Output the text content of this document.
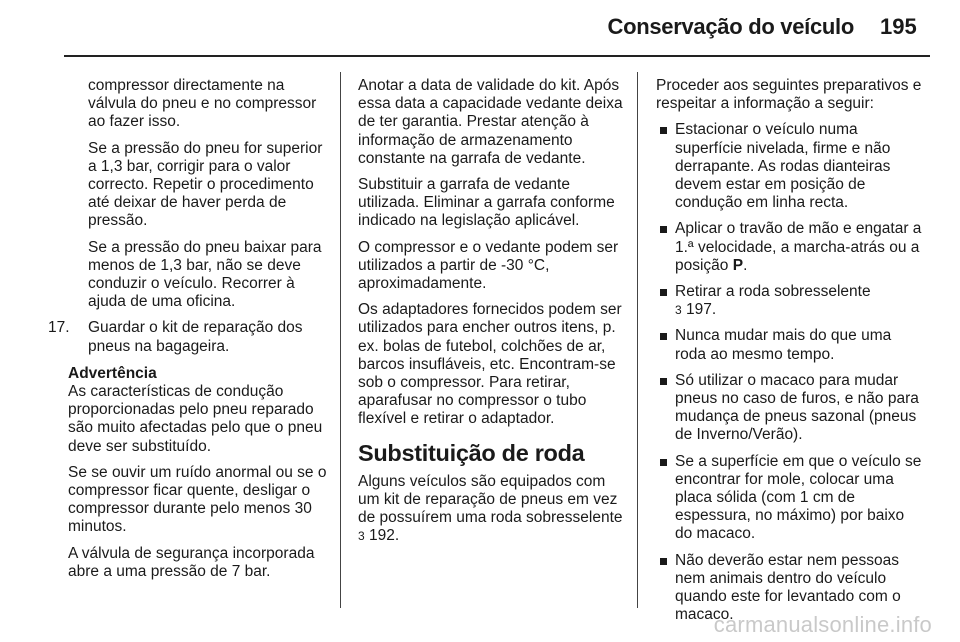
Conservação do veículo 195

compressor directamente na válvula do pneu e no compressor ao fazer isso.

Se a pressão do pneu for superior a 1,3 bar, corrigir para o valor correcto. Repetir o procedimento até deixar de haver perda de pressão.

Se a pressão do pneu baixar para menos de 1,3 bar, não se deve conduzir o veículo. Recorrer à ajuda de uma oficina.

17.	Guardar o kit de reparação dos pneus na bagageira.

Advertência

As características de condução proporcionadas pelo pneu reparado são muito afectadas pelo que o pneu deve ser substituído.

Se se ouvir um ruído anormal ou se o compressor ficar quente, desligar o compressor durante pelo menos 30 minutos.

A válvula de segurança incorporada abre a uma pressão de 7 bar.

Anotar a data de validade do kit. Após essa data a capacidade vedante deixa de ter garantia. Prestar atenção à informação de armazenamento constante na garrafa de vedante.

Substituir a garrafa de vedante utilizada. Eliminar a garrafa conforme indicado na legislação aplicável.

O compressor e o vedante podem ser utilizados a partir de -30 °C, aproximadamente.

Os adaptadores fornecidos podem ser utilizados para encher outros itens, p. ex. bolas de futebol, colchões de ar, barcos insufláveis, etc. Encontram-se sob o compressor. Para retirar, aparafusar no compressor o tubo flexível e retirar o adaptador.

Substituição de roda

Alguns veículos são equipados com um kit de reparação de pneus em vez de possuírem uma roda sobresselente 3 192.

Proceder aos seguintes preparativos e respeitar a informação a seguir:

Estacionar o veículo numa superfície nivelada, firme e não derrapante. As rodas dianteiras devem estar em posição de condução em linha recta.
Aplicar o travão de mão e engatar a 1.ª velocidade, a marcha-atrás ou a posição P.
Retirar a roda sobresselente
3 197.
Nunca mudar mais do que uma roda ao mesmo tempo.
Só utilizar o macaco para mudar pneus no caso de furos, e não para mudança de pneus sazonal (pneus de Inverno/Verão).
Se a superfície em que o veículo se encontrar for mole, colocar uma placa sólida (com 1 cm de espessura, no máximo) por baixo do macaco.
Não deverão estar nem pessoas nem animais dentro do veículo quando este for levantado com o macaco.
carmanualsonline.info
